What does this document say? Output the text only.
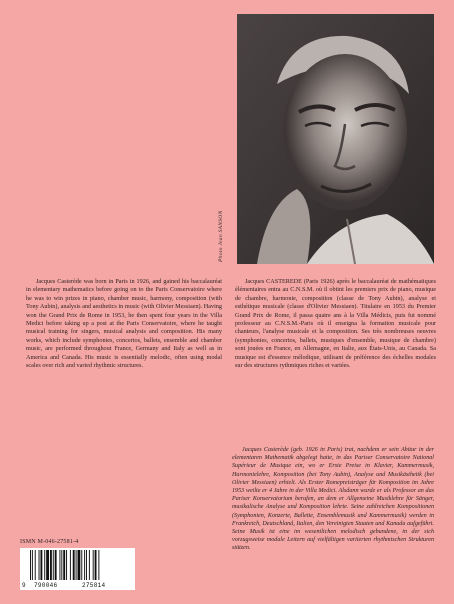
Photo Jean SANSON

Jacques Casterède was born in Paris in 1926, and gained his baccalauréat in elementary mathematics before going on to the Paris Conservatoire where he was to win prizes in piano, chamber music, harmony, composition (with Tony Aubin), analysis and aesthetics in music (with Olivier Messiaen). Having won the Grand Prix de Rome in 1953, he then spent four years in the Villa Medici before taking up a post at the Paris Conservatoire, where he taught musical training for singers, musical analysis and composition. His many works, which include symphonies, concertos, ballets, ensemble and chamber music, are performed throughout France, Germany and Italy as well as in America and Canada. His music is essentially melodic, often using modal scales over rich and varied rhythmic structures.

Jacques CASTEREDE (Paris 1926) après le baccalauréat de mathématiques élémentaires entra au C.N.S.M. où il obtint les premiers prix de piano, musique de chambre, harmonie, composition (classe de Tony Aubin), analyse et esthétique musicale (classe d'Olivier Messiaen). Titulaire en 1953 du Premier Grand Prix de Rome, il passa quatre ans à la Villa Médicis, puis fut nommé professeur au C.N.S.M.-Paris où il enseigna la formation musicale pour chanteurs, l'analyse musicale et la composition. Ses très nombreuses oeuvres (symphonies, concertos, ballets, musiques d'ensemble, musique de chambre) sont jouées en France, en Allemagne, en Italie, aux États-Unis, au Canada. Sa musique est d'essence mélodique, utilisant de préférence des échelles modales sur des structures rythmiques riches et variées.

Jacques Casterède (geb. 1926 in Paris) trat, nachdem er sein Abitur in der elementaren Mathematik abgelegt hatte, in das Pariser Conservatoire National Supérieur de Musique ein, wo er Erste Preise in Klavier, Kammermusik, Harmonielehre, Komposition (bei Tony Aubin), Analyse und Musikästhetik (bei Olivier Messiaen) erhielt. Als Erster Romepreisträger für Komposition im Jahre 1953 weilte er 4 Jahre in der Villa Medici. Alsdann wurde er als Professor an das Pariser Konservatorium berufen, an dem er Allgemeine Musiklehre für Sänger, musikalische Analyse und Komposition lehrte. Seine zahlreichen Kompositionen (Symphonien, Konzerte, Ballette, Ensemblemusik und Kammermusik) werden in Frankreich, Deutschland, Italien, den Vereinigten Staaten und Kanada aufgeführt. Seine Musik ist eine im wesentlichen melodisch gebundene, in der sich vorzugsweise modale Leitern auf vielfältigen variierten rhythmischen Strukturen stützen.

ISMN M-046-27581-4
9 790046	275814
